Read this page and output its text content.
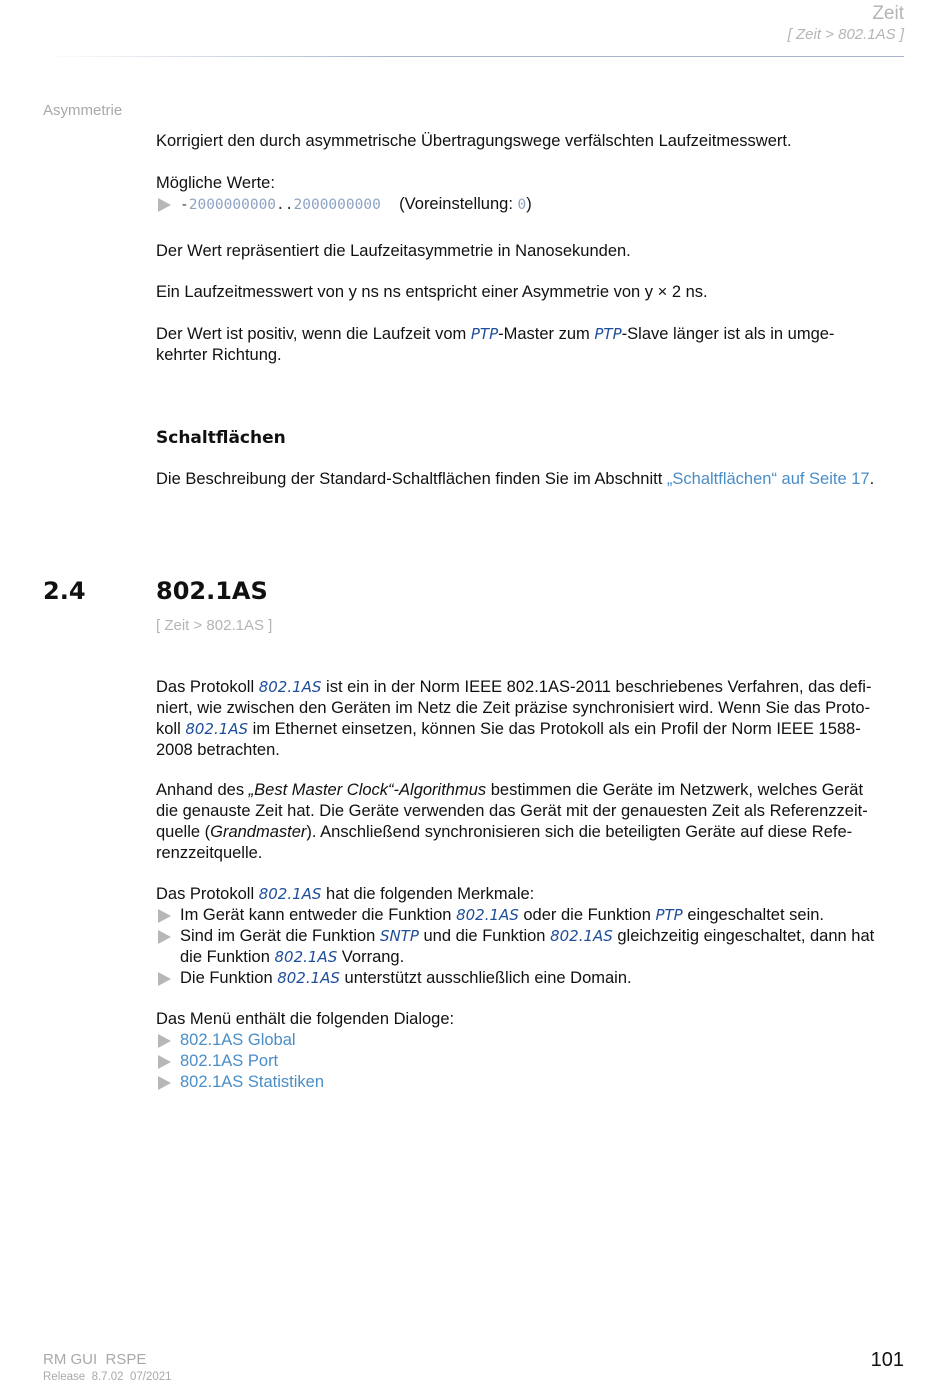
Zeit
[ Zeit > 802.1AS ]
Asymmetrie

Korrigiert den durch asymmetrische Übertragungswege verfälschten Laufzeitmesswert.

Mögliche Werte:

-2000000000..2000000000 (Voreinstellung: 0)

Der Wert repräsentiert die Laufzeitasymmetrie in Nanosekunden.

Ein Laufzeitmesswert von y ns ns entspricht einer Asymmetrie von y × 2 ns.

Der Wert ist positiv, wenn die Laufzeit vom PTP-Master zum PTP-Slave länger ist als in umge-

kehrter Richtung.

Schaltflächen

Die Beschreibung der Standard-Schaltflächen finden Sie im Abschnitt „Schaltflächen“ auf Seite 17.

2.4	802.1AS
[ Zeit > 802.1AS ]

Das Protokoll 802.1AS ist ein in der Norm IEEE 802.1AS-2011 beschriebenes Verfahren, das defi-

niert, wie zwischen den Geräten im Netz die Zeit präzise synchronisiert wird. Wenn Sie das Proto-

koll 802.1AS im Ethernet einsetzen, können Sie das Protokoll als ein Profil der Norm IEEE 1588-

2008 betrachten.

Anhand des „Best Master Clock“-Algorithmus bestimmen die Geräte im Netzwerk, welches Gerät

die genauste Zeit hat. Die Geräte verwenden das Gerät mit der genauesten Zeit als Referenzzeit-

quelle (Grandmaster). Anschließend synchronisieren sich die beteiligten Geräte auf diese Refe-

renzzeitquelle.

Das Protokoll 802.1AS hat die folgenden Merkmale:

Im Gerät kann entweder die Funktion 802.1AS oder die Funktion PTP eingeschaltet sein.
Sind im Gerät die Funktion SNTP und die Funktion 802.1AS gleichzeitig eingeschaltet, dann hat
die Funktion 802.1AS Vorrang.
Die Funktion 802.1AS unterstützt ausschließlich eine Domain.

Das Menü enthält die folgenden Dialoge:

802.1AS Global
802.1AS Port
802.1AS Statistiken
RM GUI  RSPE
Release  8.7.02  07/2021
101
